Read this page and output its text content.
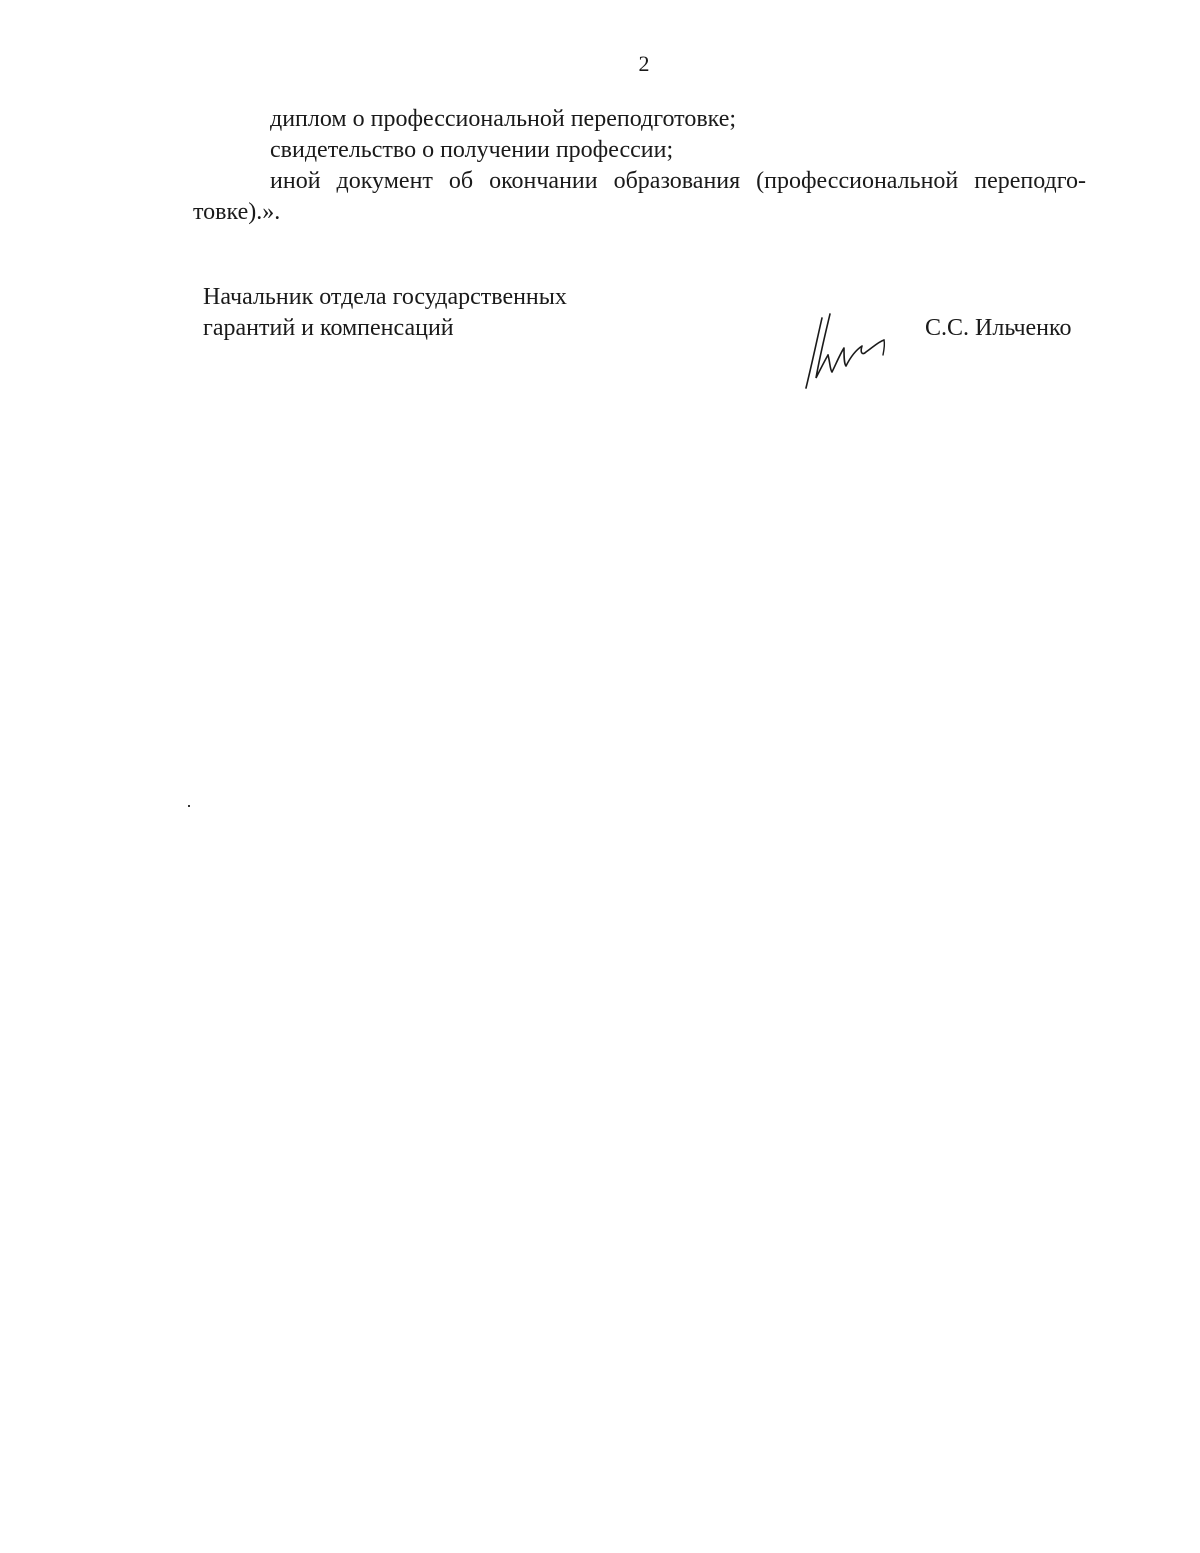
2

диплом о профессиональной переподготовке;

свидетельство о получении профессии;

иной документ об окончании образования (профессиональной переподго-товке).».

Начальник отдела государственных
гарантий и компенсаций	С.С. Ильченко
